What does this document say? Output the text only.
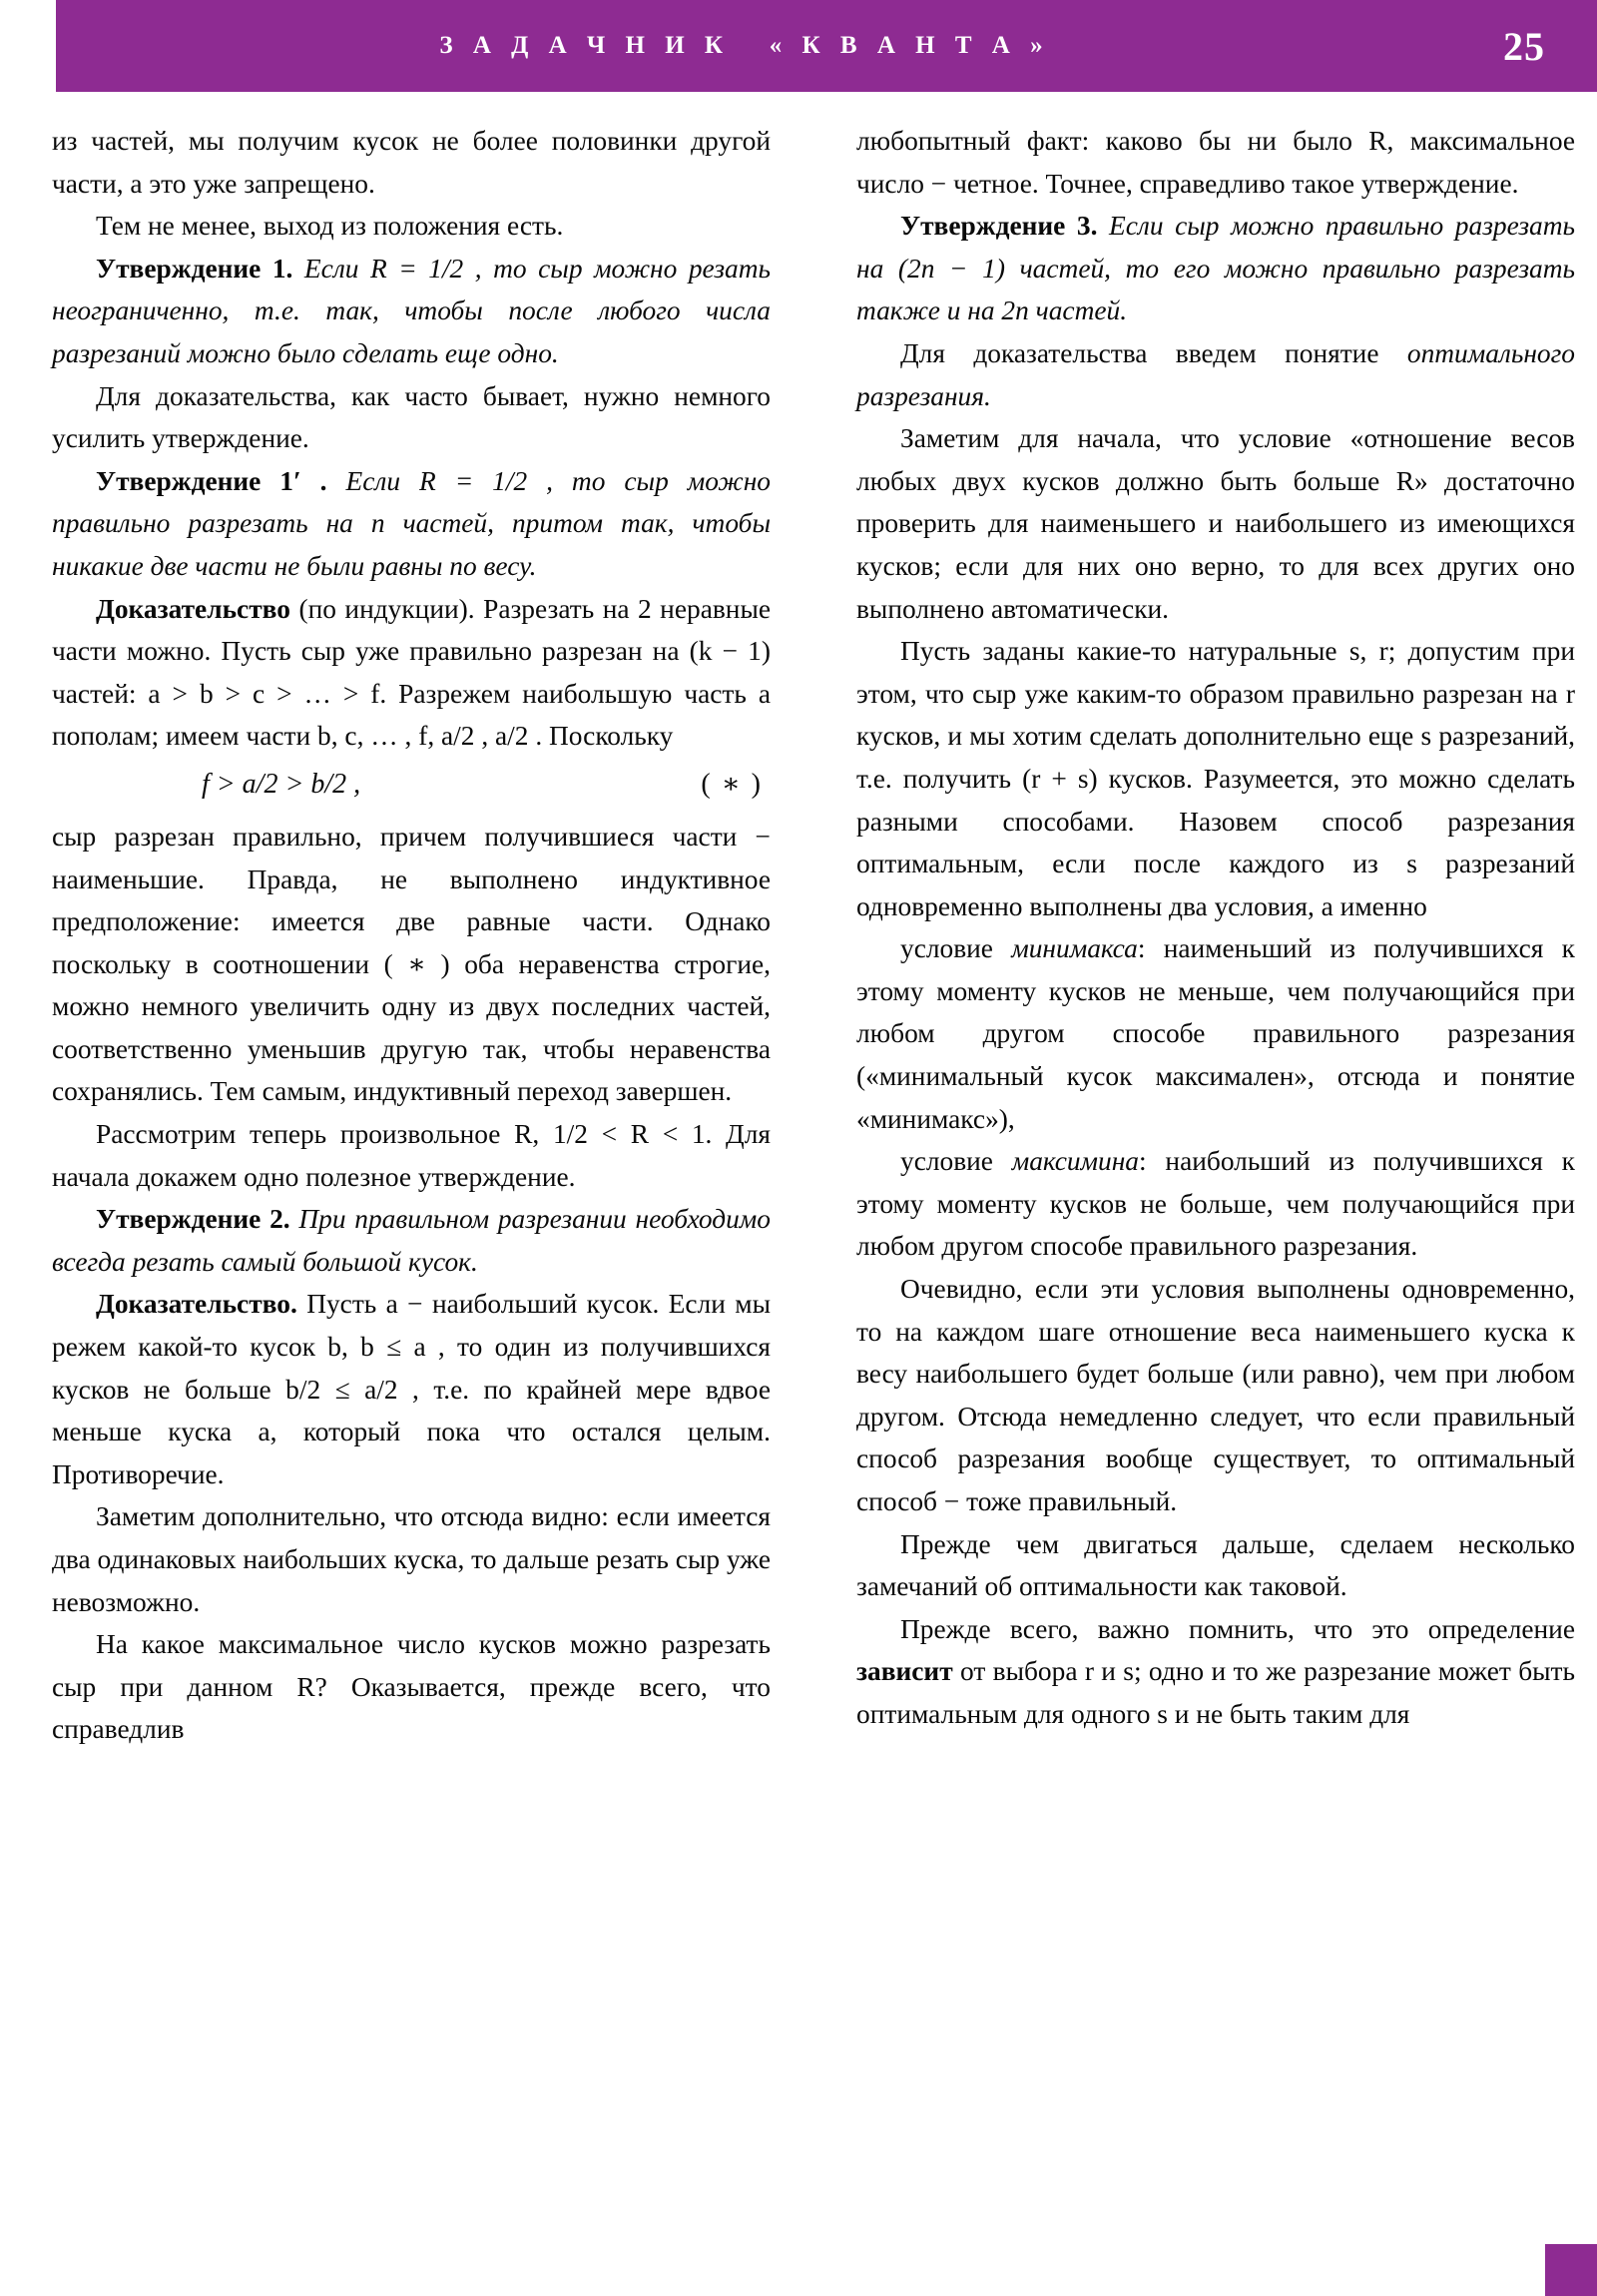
З А Д А Ч Н И К   « К В А Н Т А »	25

из частей, мы получим кусок не более половинки другой части, а это уже запрещено.

Тем не менее, выход из положения есть.

Утверждение 1. Если R = 1/2 , то сыр можно резать неограниченно, т.е. так, чтобы после любого числа разрезаний можно было сделать еще одно.

Для доказательства, как часто бывает, нужно немного усилить утверждение.

Утверждение 1′ . Если R = 1/2 , то сыр можно правильно разрезать на n частей, притом так, чтобы никакие две части не были равны по весу.

Доказательство (по индукции). Разрезать на 2 неравные части можно. Пусть сыр уже правильно разрезан на (k − 1) частей: a > b > c > … > f. Разрежем наибольшую часть a пополам; имеем части b, c, … , f, a/2 , a/2 . Поскольку

f > a/2 > b/2 ,	( ∗ )

сыр разрезан правильно, причем получившиеся части − наименьшие. Правда, не выполнено индуктивное предположение: имеется две равные части. Однако поскольку в соотношении ( ∗ ) оба неравенства строгие, можно немного увеличить одну из двух последних частей, соответственно уменьшив другую так, чтобы неравенства сохранялись. Тем самым, индуктивный переход завершен.

Рассмотрим теперь произвольное R, 1/2 < R < 1. Для начала докажем одно полезное утверждение.

Утверждение 2. При правильном разрезании необходимо всегда резать самый большой кусок.

Доказательство. Пусть a − наибольший кусок. Если мы режем какой-то кусок b, b ≤ a , то один из получившихся кусков не больше b/2 ≤ a/2 , т.е. по крайней мере вдвое меньше куска a, который пока что остался целым. Противоречие.

Заметим дополнительно, что отсюда видно: если имеется два одинаковых наибольших куска, то дальше резать сыр уже невозможно.

На какое максимальное число кусков можно разрезать сыр при данном R? Оказывается, прежде всего, что справедлив

любопытный факт: каково бы ни было R, максимальное число − четное. Точнее, справедливо такое утверждение.

Утверждение 3. Если сыр можно правильно разрезать на (2n − 1) частей, то его можно правильно разрезать также и на 2n частей.

Для доказательства введем понятие оптимального разрезания.

Заметим для начала, что условие «отношение весов любых двух кусков должно быть больше R» достаточно проверить для наименьшего и наибольшего из имеющихся кусков; если для них оно верно, то для всех других оно выполнено автоматически.

Пусть заданы какие-то натуральные s, r; допустим при этом, что сыр уже каким-то образом правильно разрезан на r кусков, и мы хотим сделать дополнительно еще s разрезаний, т.е. получить (r + s) кусков. Разумеется, это можно сделать разными способами. Назовем способ разрезания оптимальным, если после каждого из s разрезаний одновременно выполнены два условия, а именно

условие минимакса: наименьший из получившихся к этому моменту кусков не меньше, чем получающийся при любом другом способе правильного разрезания («минимальный кусок максимален», отсюда и понятие «минимакс»),

условие максимина: наибольший из получившихся к этому моменту кусков не больше, чем получающийся при любом другом способе правильного разрезания.

Очевидно, если эти условия выполнены одновременно, то на каждом шаге отношение веса наименьшего куска к весу наибольшего будет больше (или равно), чем при любом другом. Отсюда немедленно следует, что если правильный способ разрезания вообще существует, то оптимальный способ − тоже правильный.

Прежде чем двигаться дальше, сделаем несколько замечаний об оптимальности как таковой.

Прежде всего, важно помнить, что это определение зависит от выбора r и s; одно и то же разрезание может быть оптимальным для одного s и не быть таким для
